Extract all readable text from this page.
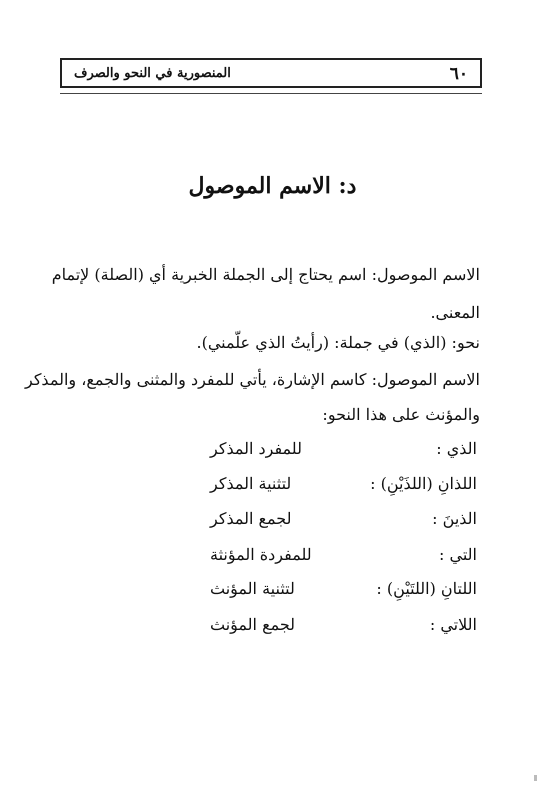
٦٠
المنصورية في النحو والصرف
د: الاسم الموصول
الاسم الموصول: اسم يحتاج إلى الجملة الخبرية أي (الصلة) لإتمام
المعنى.
نحو: (الذي) في جملة: (رأيتُ الذي علّمني).
الاسم الموصول: كاسم الإشارة، يأتي للمفرد والمثنى والجمع، والمذكر
والمؤنث على هذا النحو:
الذي :
للمفرد المذكر
اللذانِ (اللذَيْنِ) :
لتثنية المذكر
الذينَ :
لجمع المذكر
التي :
للمفردة المؤنثة
اللتانِ (اللتَيْنِ) :
لتثنية المؤنث
اللاتي :
لجمع المؤنث
